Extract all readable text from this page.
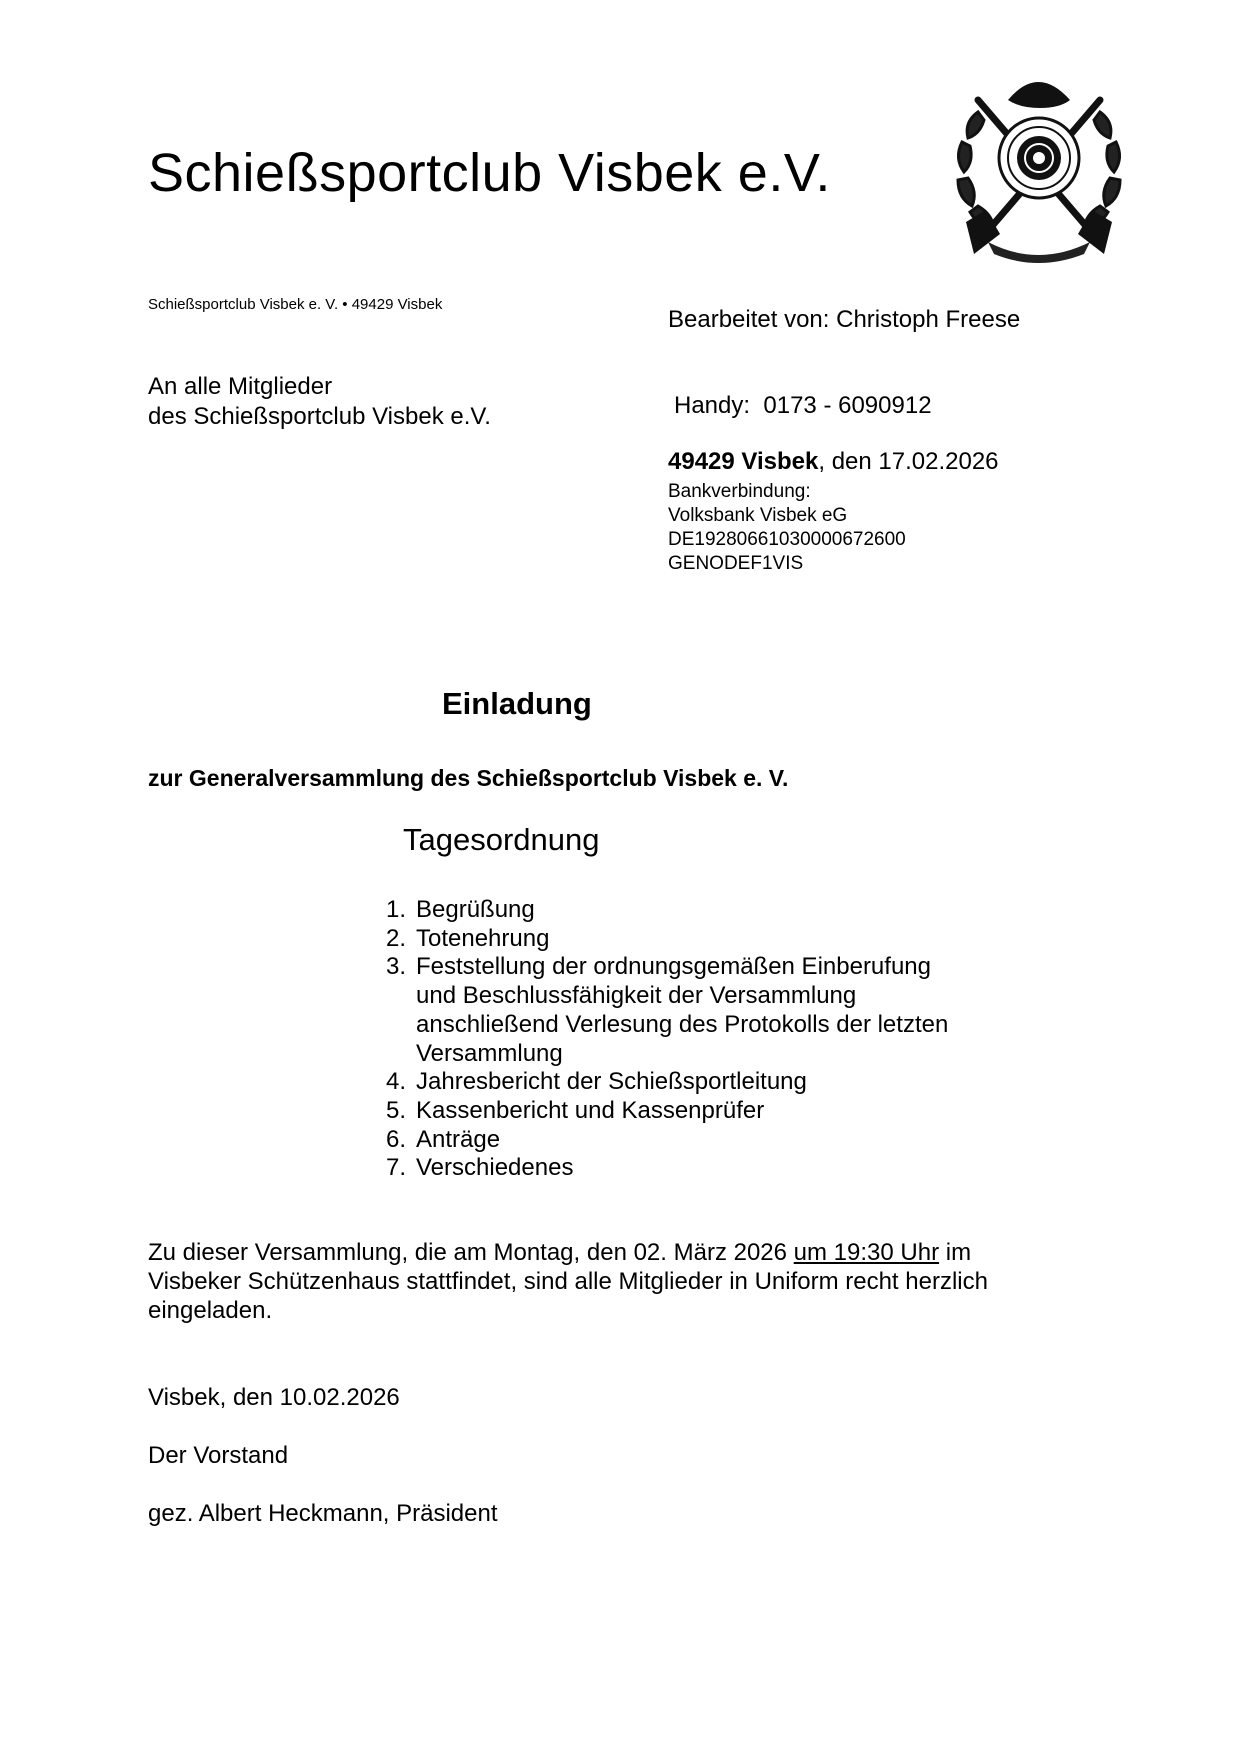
Schießsportclub Visbek e.V.

Schießsportclub Visbek e. V. • 49429 Visbek

Bearbeitet von: Christoph Freese

An alle Mitglieder
des Schießsportclub Visbek e.V.	Handy: 0173 - 6090912

49429 Visbek, den 17.02.2026

Bankverbindung:
Volksbank Visbek eG
DE19280661030000672600
GENODEF1VIS
Einladung

zur Generalversammlung des Schießsportclub Visbek e. V.

Tagesordnung

1. Begrüßung
2. Totenehrung
3. Feststellung der ordnungsgemäßen Einberufung
und Beschlussfähigkeit der Versammlung
anschließend Verlesung des Protokolls der letzten
Versammlung
4. Jahresbericht der Schießsportleitung
5. Kassenbericht und Kassenprüfer
6. Anträge
7. Verschiedenes

Zu dieser Versammlung, die am Montag, den 02. März 2026 um 19:30 Uhr im Visbeker Schützenhaus stattfindet, sind alle Mitglieder in Uniform recht herzlich eingeladen.

Visbek, den 10.02.2026

Der Vorstand

gez. Albert Heckmann, Präsident
